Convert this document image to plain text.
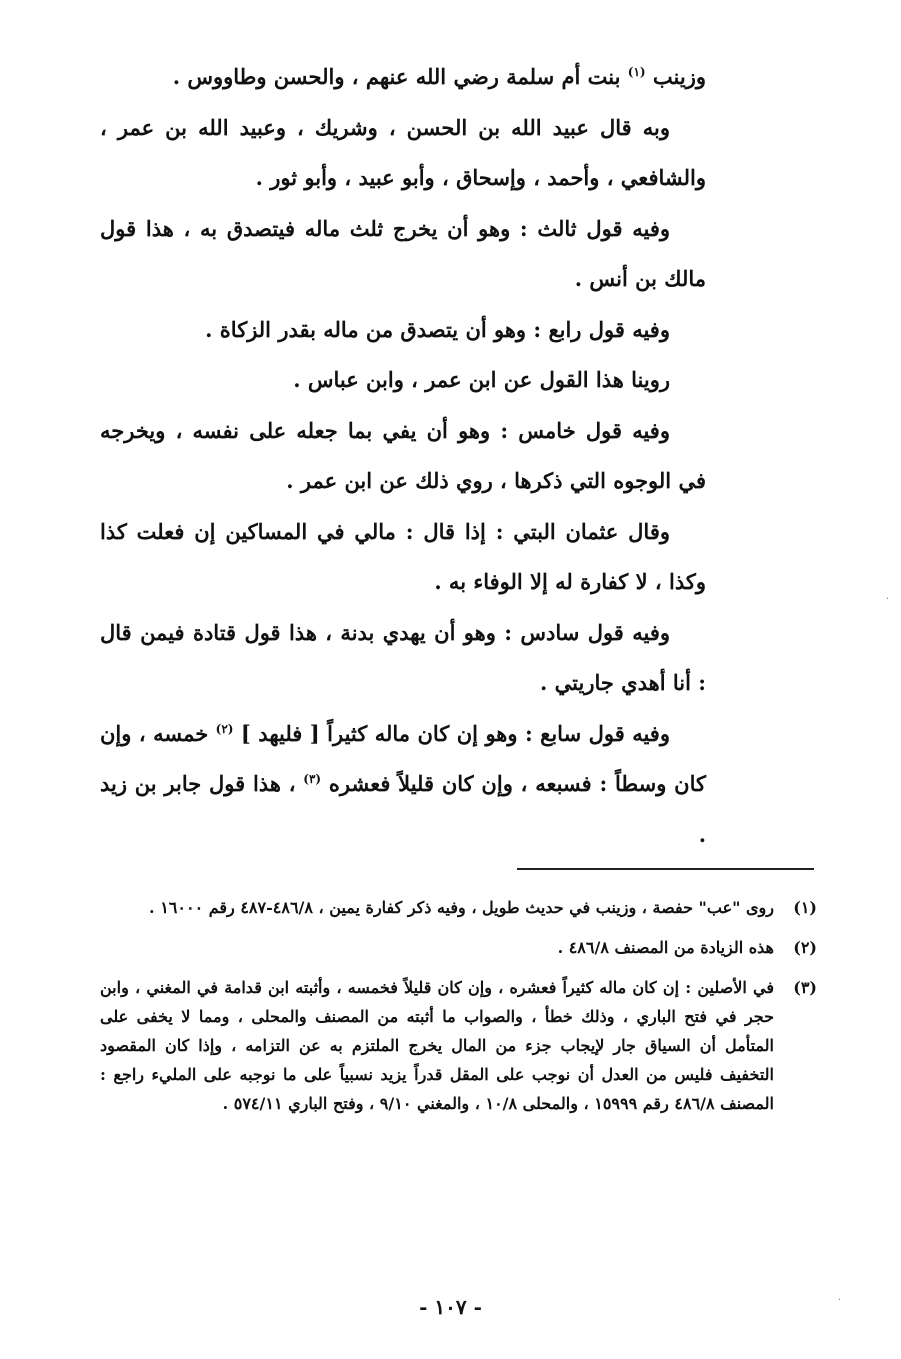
وزينب $^{(١)}$ بنت أم سلمة رضي الله عنهم ، والحسن وطاووس .

وبه قال عبيد الله بن الحسن ، وشريك ، وعبيد الله بن عمر ، والشافعي ، وأحمد ، وإسحاق ، وأبو عبيد ، وأبو ثور .

وفيه قول ثالث : وهو أن يخرج ثلث ماله فيتصدق به ، هذا قول مالك بن أنس .

وفيه قول رابع : وهو أن يتصدق من ماله بقدر الزكاة .

روينا هذا القول عن ابن عمر ، وابن عباس .

وفيه قول خامس : وهو أن يفي بما جعله على نفسه ، ويخرجه في الوجوه التي ذكرها ، روي ذلك عن ابن عمر .

وقال عثمان البتي : إذا قال : مالي في المساكين إن فعلت كذا وكذا ، لا كفارة له إلا الوفاء به .

وفيه قول سادس : وهو أن يهدي بدنة ، هذا قول قتادة فيمن قال : أنا أهدي جاريتي .

وفيه قول سابع : وهو إن كان ماله كثيراً [ فليهد ] $^{(٢)}$ خمسه ، وإن كان وسطاً : فسبعه ، وإن كان قليلاً فعشره $^{(٣)}$ ، هذا قول جابر بن زيد .

(١)
روى "عب" حفصة ، وزينب في حديث طويل ، وفيه ذكر كفارة يمين ، ٤٨٦/٨-٤٨٧ رقم ١٦٠٠٠ .
(٢)
هذه الزيادة من المصنف ٤٨٦/٨ .
(٣)
في الأصلين : إن كان ماله كثيراً فعشره ، وإن كان قليلاً فخمسه ، وأثبته ابن قدامة في المغني ، وابن حجر في فتح الباري ، وذلك خطأ ، والصواب ما أثبته من المصنف والمحلى ، ومما لا يخفى على المتأمل أن السياق جار لإيجاب جزء من المال يخرج الملتزم به عن التزامه ، وإذا كان المقصود التخفيف فليس من العدل أن نوجب على المقل قدراً يزيد نسبياً على ما نوجبه على المليء راجع : المصنف ٤٨٦/٨ رقم ١٥٩٩٩ ، والمحلى ١٠/٨ ، والمغني ٩/١٠ ، وفتح الباري ٥٧٤/١١ .
- ١٠٧ -
·
·
